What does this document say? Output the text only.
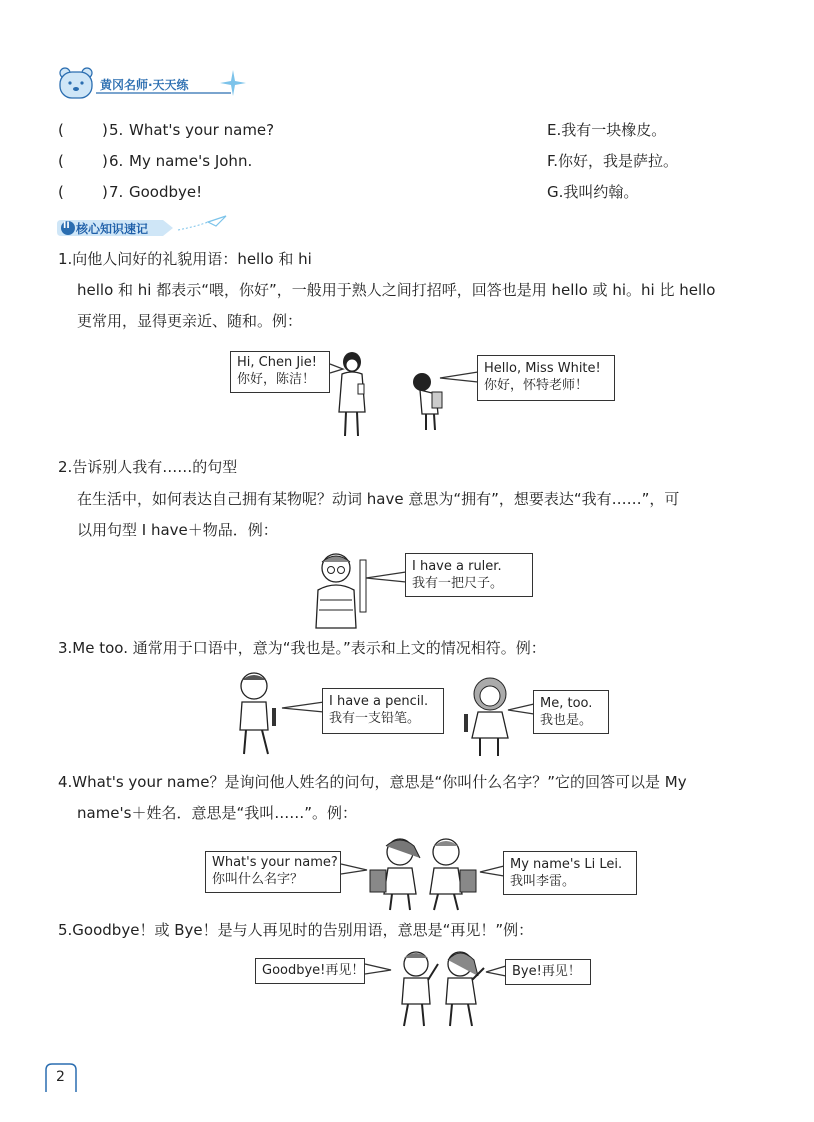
黄冈名师·天天练
(	) 5. What's your name?	E.我有一块橡皮。
(	) 6. My name's John.	F.你好，我是萨拉。
(	) 7. Goodbye!	G.我叫约翰。
II 核心知识速记
1.向他人问好的礼貌用语：hello 和 hi
hello 和 hi 都表示“喂，你好”，一般用于熟人之间打招呼，回答也是用 hello 或 hi。hi 比 hello
更常用，显得更亲近、随和。例：
Hi, Chen Jie!
你好，陈洁！
Hello, Miss White!
你好，怀特老师！
2.告诉别人我有……的句型
在生活中，如何表达自己拥有某物呢？动词 have 意思为“拥有”，想要表达“我有……”，可
以用句型 I have＋物品．例：
I have a ruler.
我有一把尺子。
3.Me too. 通常用于口语中，意为“我也是。”表示和上文的情况相符。例：
I have a pencil.
我有一支铅笔。
Me, too.
我也是。
4.What's your name？是询问他人姓名的问句，意思是“你叫什么名字？”它的回答可以是 My
name's＋姓名．意思是“我叫……”。例：
What's your name?
你叫什么名字？
My name's Li Lei.
我叫李雷。
5.Goodbye！或 Bye！是与人再见时的告别用语，意思是“再见！”例：
Goodbye!再见！	Bye!再见！
2
